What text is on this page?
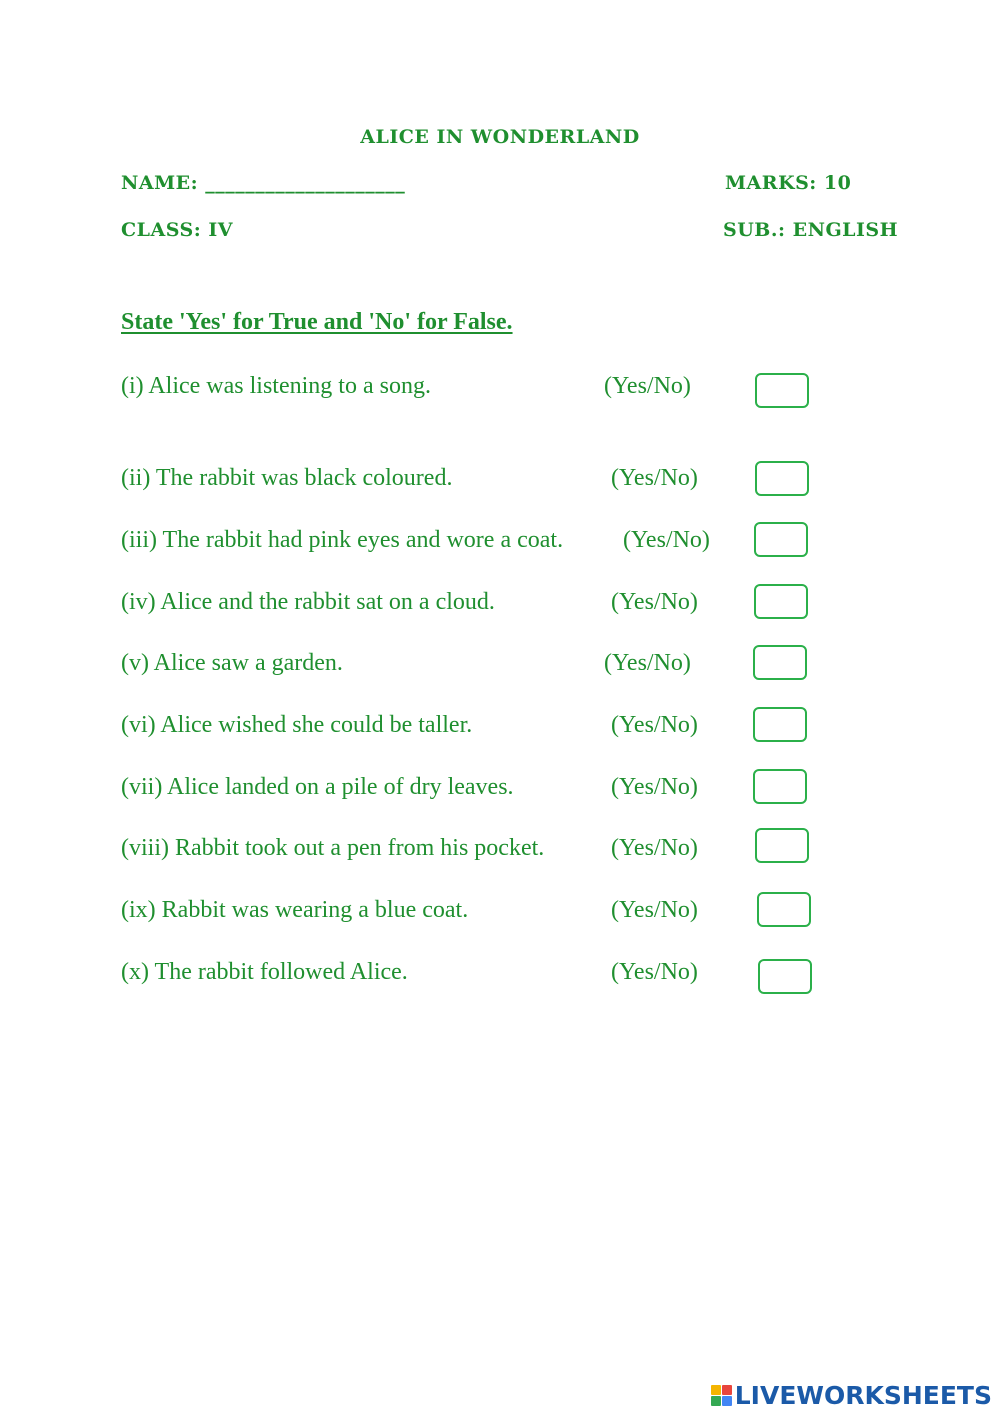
ALICE IN WONDERLAND
NAME: ____________________	MARKS: 10
CLASS: IV	SUB.: ENGLISH
State 'Yes' for True and 'No' for False.
(i) Alice was listening to a song.	(Yes/No)
(ii) The rabbit was black coloured.	(Yes/No)
(iii) The rabbit had pink eyes and wore a coat. (Yes/No)
(iv) Alice and the rabbit sat on a cloud.	(Yes/No)
(v) Alice saw a garden.	(Yes/No)
(vi) Alice wished she could be taller.	(Yes/No)
(vii) Alice landed on a pile of dry leaves.	(Yes/No)
(viii) Rabbit took out a pen from his pocket.	(Yes/No)
(ix) Rabbit was wearing a blue coat.	(Yes/No)
(x) The rabbit followed Alice.	(Yes/No)
LIVEWORKSHEETS
